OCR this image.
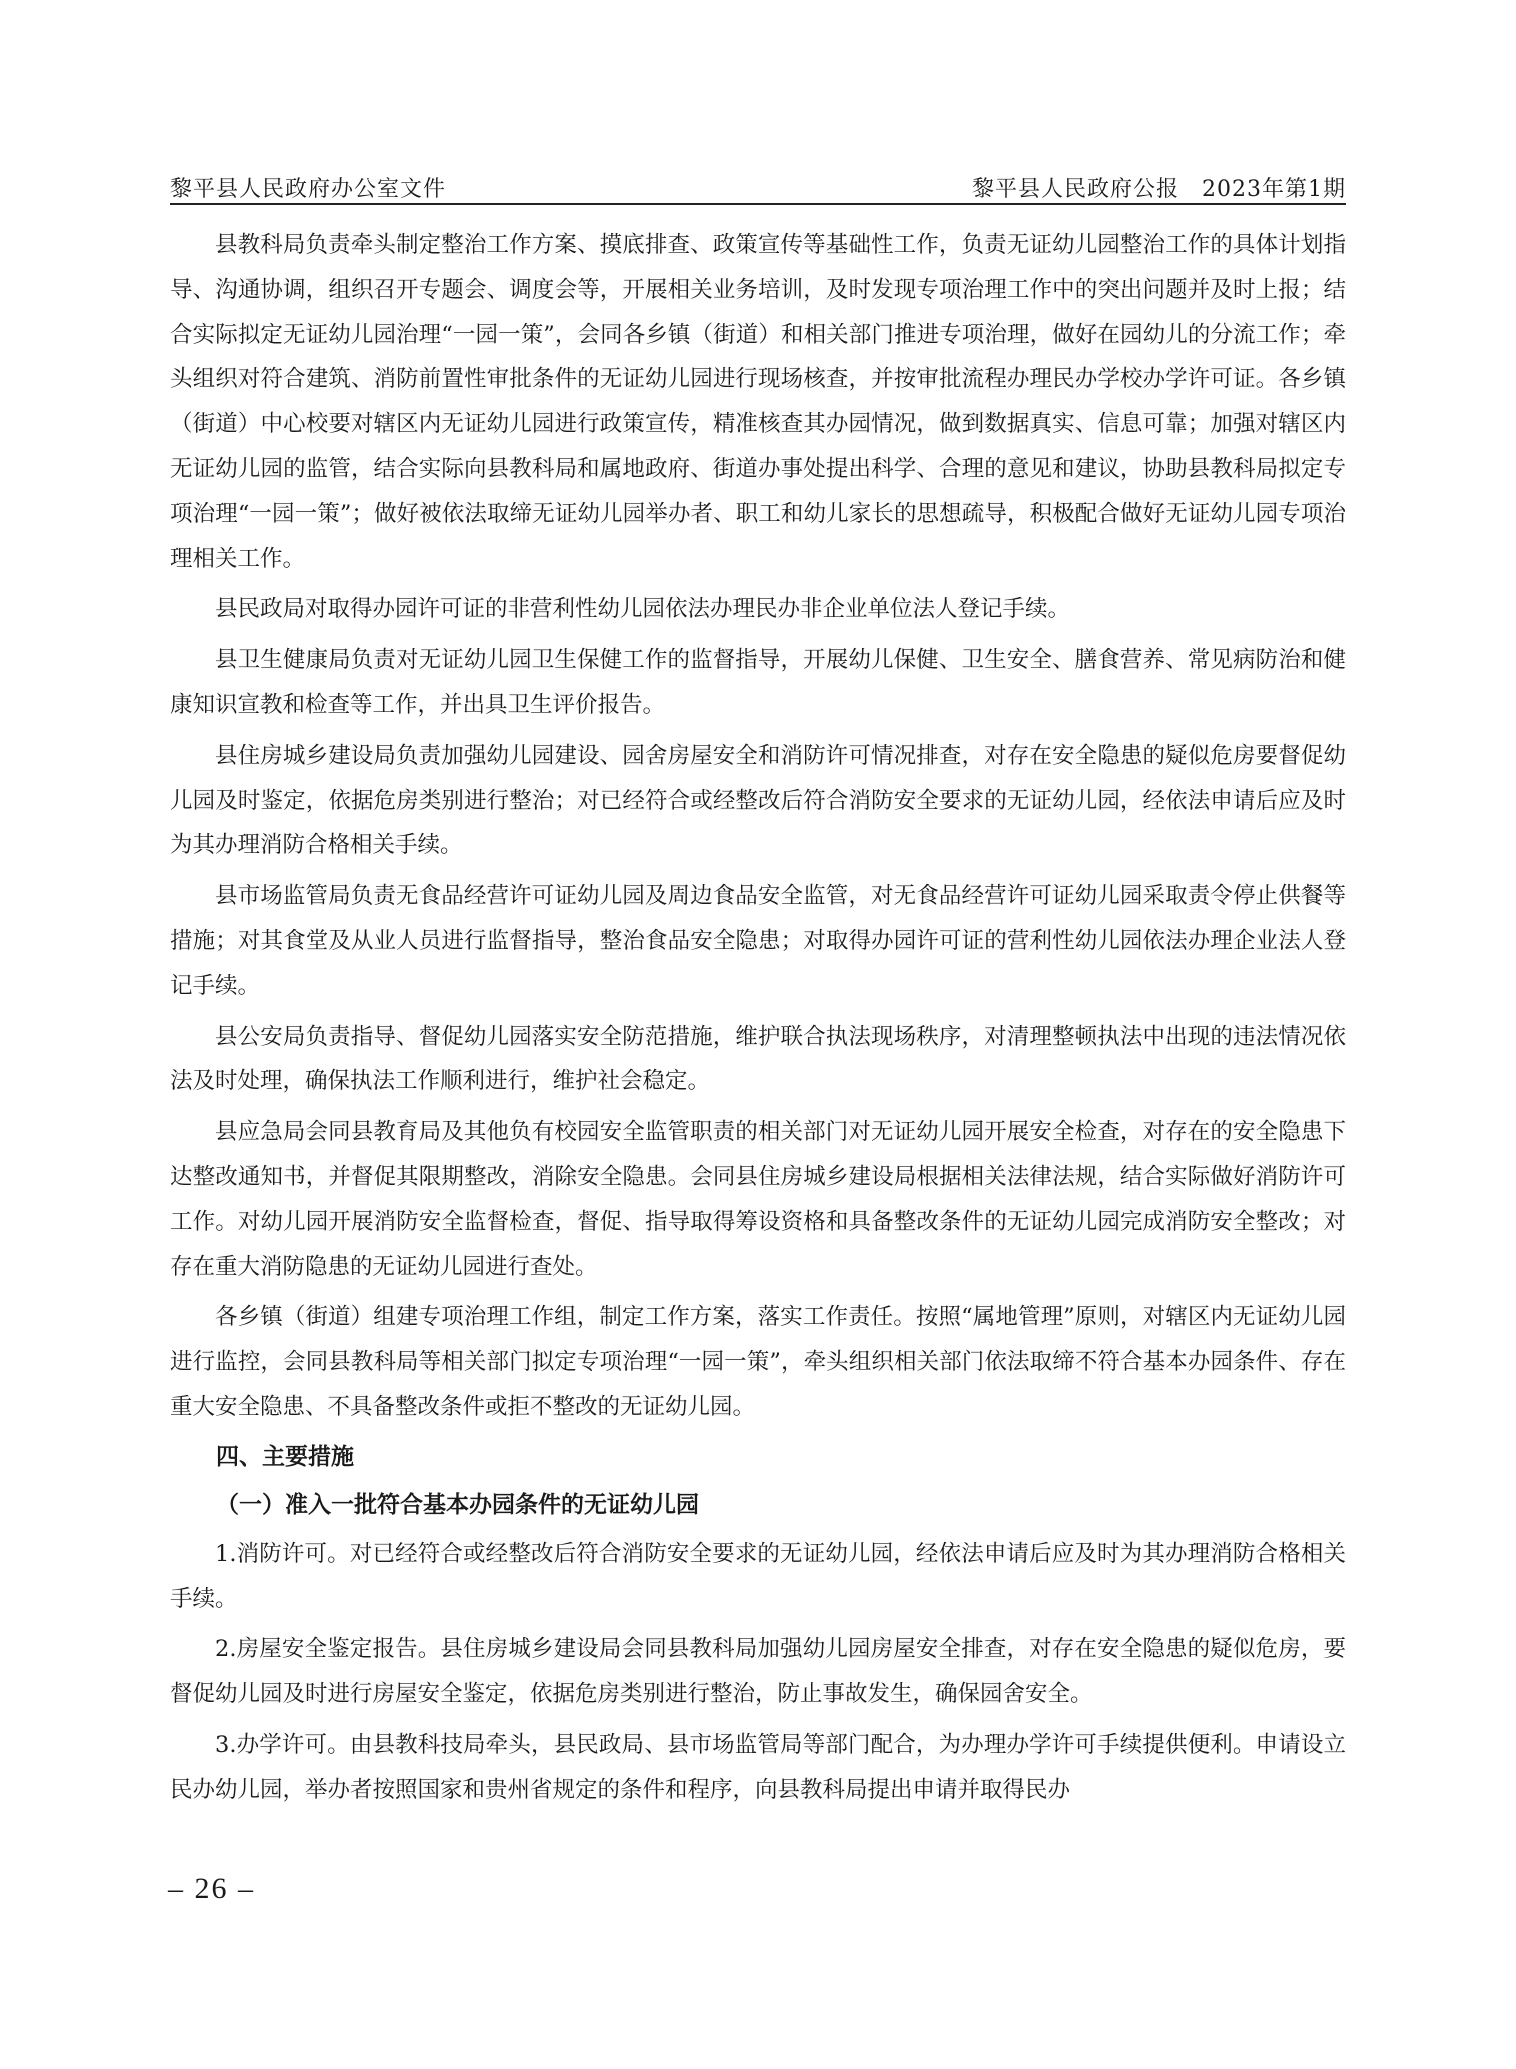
黎平县人民政府办公室文件	黎平县人民政府公报　2023年第1期

县教科局负责牵头制定整治工作方案、摸底排查、政策宣传等基础性工作，负责无证幼儿园整治工作的具体计划指导、沟通协调，组织召开专题会、调度会等，开展相关业务培训，及时发现专项治理工作中的突出问题并及时上报；结合实际拟定无证幼儿园治理“一园一策”，会同各乡镇（街道）和相关部门推进专项治理，做好在园幼儿的分流工作；牵头组织对符合建筑、消防前置性审批条件的无证幼儿园进行现场核查，并按审批流程办理民办学校办学许可证。各乡镇（街道）中心校要对辖区内无证幼儿园进行政策宣传，精准核查其办园情况，做到数据真实、信息可靠；加强对辖区内无证幼儿园的监管，结合实际向县教科局和属地政府、街道办事处提出科学、合理的意见和建议，协助县教科局拟定专项治理“一园一策”；做好被依法取缔无证幼儿园举办者、职工和幼儿家长的思想疏导，积极配合做好无证幼儿园专项治理相关工作。

县民政局对取得办园许可证的非营利性幼儿园依法办理民办非企业单位法人登记手续。

县卫生健康局负责对无证幼儿园卫生保健工作的监督指导，开展幼儿保健、卫生安全、膳食营养、常见病防治和健康知识宣教和检查等工作，并出具卫生评价报告。

县住房城乡建设局负责加强幼儿园建设、园舍房屋安全和消防许可情况排查，对存在安全隐患的疑似危房要督促幼儿园及时鉴定，依据危房类别进行整治；对已经符合或经整改后符合消防安全要求的无证幼儿园，经依法申请后应及时为其办理消防合格相关手续。

县市场监管局负责无食品经营许可证幼儿园及周边食品安全监管，对无食品经营许可证幼儿园采取责令停止供餐等措施；对其食堂及从业人员进行监督指导，整治食品安全隐患；对取得办园许可证的营利性幼儿园依法办理企业法人登记手续。

县公安局负责指导、督促幼儿园落实安全防范措施，维护联合执法现场秩序，对清理整顿执法中出现的违法情况依法及时处理，确保执法工作顺利进行，维护社会稳定。

县应急局会同县教育局及其他负有校园安全监管职责的相关部门对无证幼儿园开展安全检查，对存在的安全隐患下达整改通知书，并督促其限期整改，消除安全隐患。会同县住房城乡建设局根据相关法律法规，结合实际做好消防许可工作。对幼儿园开展消防安全监督检查，督促、指导取得筹设资格和具备整改条件的无证幼儿园完成消防安全整改；对存在重大消防隐患的无证幼儿园进行查处。

各乡镇（街道）组建专项治理工作组，制定工作方案，落实工作责任。按照“属地管理”原则，对辖区内无证幼儿园进行监控，会同县教科局等相关部门拟定专项治理“一园一策”，牵头组织相关部门依法取缔不符合基本办园条件、存在重大安全隐患、不具备整改条件或拒不整改的无证幼儿园。

四、主要措施
（一）准入一批符合基本办园条件的无证幼儿园

1.消防许可。对已经符合或经整改后符合消防安全要求的无证幼儿园，经依法申请后应及时为其办理消防合格相关手续。

2.房屋安全鉴定报告。县住房城乡建设局会同县教科局加强幼儿园房屋安全排查，对存在安全隐患的疑似危房，要督促幼儿园及时进行房屋安全鉴定，依据危房类别进行整治，防止事故发生，确保园舍安全。

3.办学许可。由县教科技局牵头，县民政局、县市场监管局等部门配合，为办理办学许可手续提供便利。申请设立民办幼儿园，举办者按照国家和贵州省规定的条件和程序，向县教科局提出申请并取得民办

– 26 –
